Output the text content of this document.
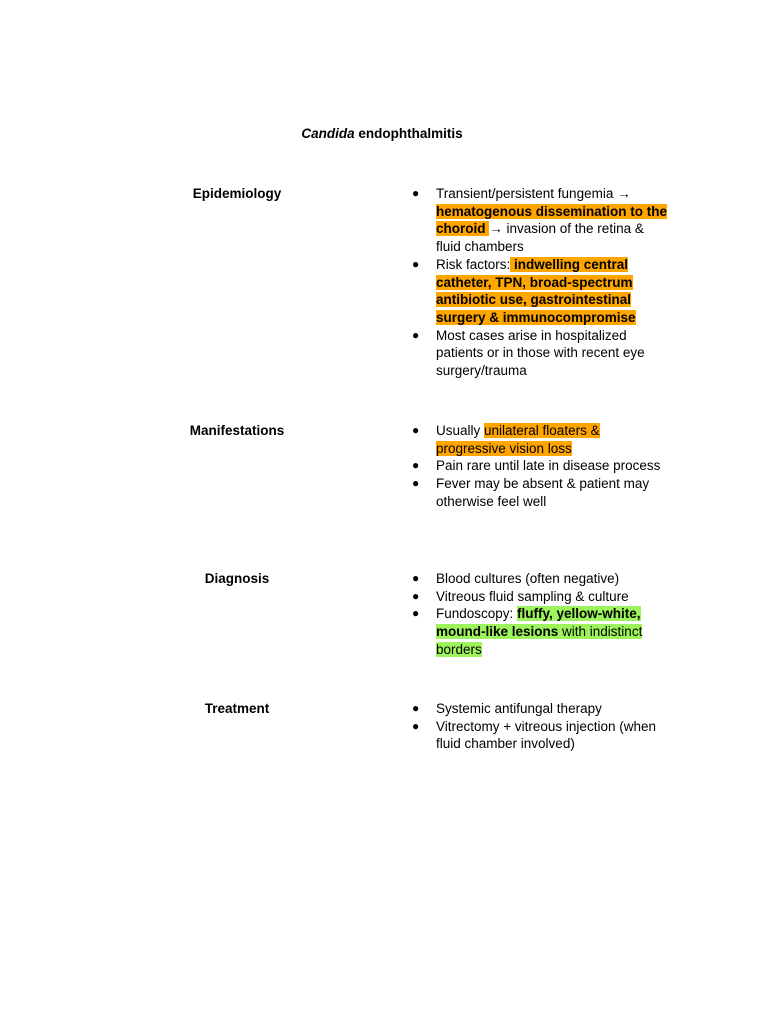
Candida endophthalmitis
Epidemiology	●	Transient/persistent fungemia → hematogenous dissemination to the choroid → invasion of the retina & fluid chambers
●	Risk factors: indwelling central catheter, TPN, broad-spectrum antibiotic use, gastrointestinal surgery & immunocompromise
●	Most cases arise in hospitalized patients or in those with recent eye surgery/trauma
Manifestations	●	Usually unilateral floaters & progressive vision loss
●	Pain rare until late in disease process
●	Fever may be absent & patient may otherwise feel well
Diagnosis	●	Blood cultures (often negative)
●	Vitreous fluid sampling & culture
●	Fundoscopy: fluffy, yellow-white, mound-like lesions with indistinct borders
Treatment	●	Systemic antifungal therapy
●	Vitrectomy + vitreous injection (when fluid chamber involved)
